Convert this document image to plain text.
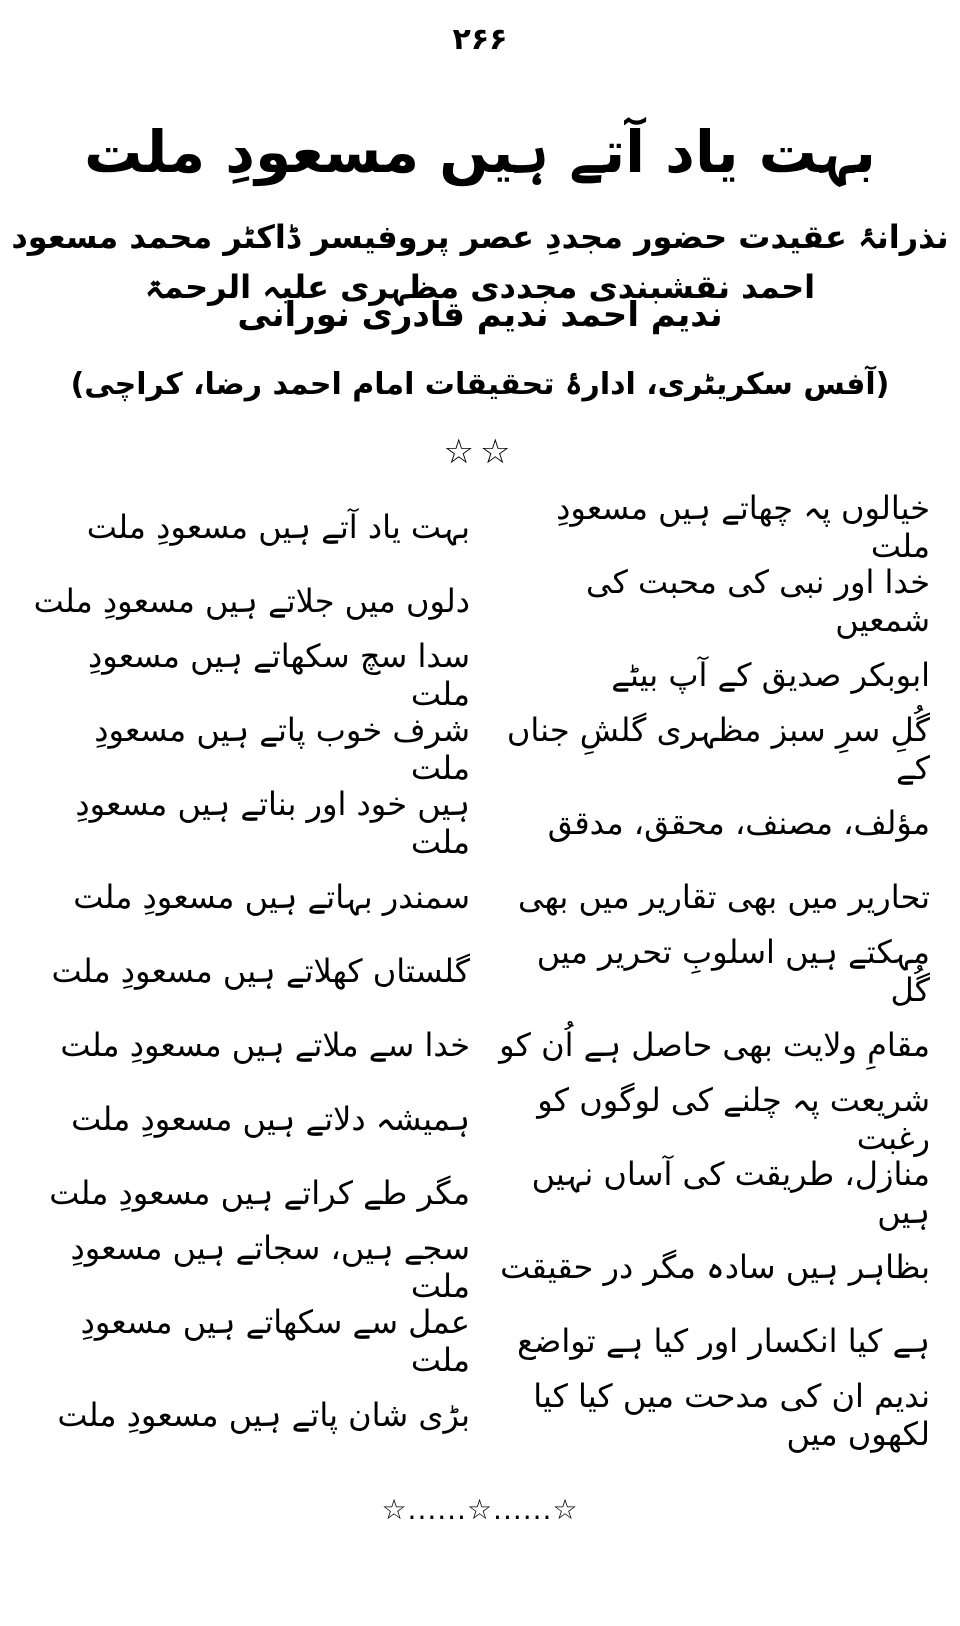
۲۶۶
بہت یاد آتے ہیں مسعودِ ملت
نذرانۂ عقیدت حضور مجددِ عصر پروفیسر ڈاکٹر محمد مسعود احمد نقشبندی مجددی مظہری علیہ الرحمۃ
ندیم احمد ندیم قادری نورانی
(آفس سکریٹری، ادارۂ تحقیقات امام احمد رضا، کراچی)
☆☆
خیالوں پہ چھاتے ہیں مسعودِ ملت
بہت یاد آتے ہیں مسعودِ ملت
خدا اور نبی کی محبت کی شمعیں
دلوں میں جلاتے ہیں مسعودِ ملت
ابوبکر صدیق کے آپ بیٹے
سدا سچ سکھاتے ہیں مسعودِ ملت
گُلِ سرِ سبز مظہری گلشِ جناں کے
شرف خوب پاتے ہیں مسعودِ ملت
مؤلف، مصنف، محقق، مدقق
ہیں خود اور بناتے ہیں مسعودِ ملت
تحاریر میں بھی تقاریر میں بھی
سمندر بہاتے ہیں مسعودِ ملت
مہکتے ہیں اسلوبِ تحریر میں گُل
گلستاں کھلاتے ہیں مسعودِ ملت
مقامِ ولایت بھی حاصل ہے اُن کو
خدا سے ملاتے ہیں مسعودِ ملت
شریعت پہ چلنے کی لوگوں کو رغبت
ہمیشہ دلاتے ہیں مسعودِ ملت
منازل، طریقت کی آساں نہیں ہیں
مگر طے کراتے ہیں مسعودِ ملت
بظاہر ہیں سادہ مگر در حقیقت
سجے ہیں، سجاتے ہیں مسعودِ ملت
ہے کیا انکسار اور کیا ہے تواضع
عمل سے سکھاتے ہیں مسعودِ ملت
ندیم ان کی مدحت میں کیا کیا لکھوں میں
بڑی شان پاتے ہیں مسعودِ ملت
☆......☆......☆
